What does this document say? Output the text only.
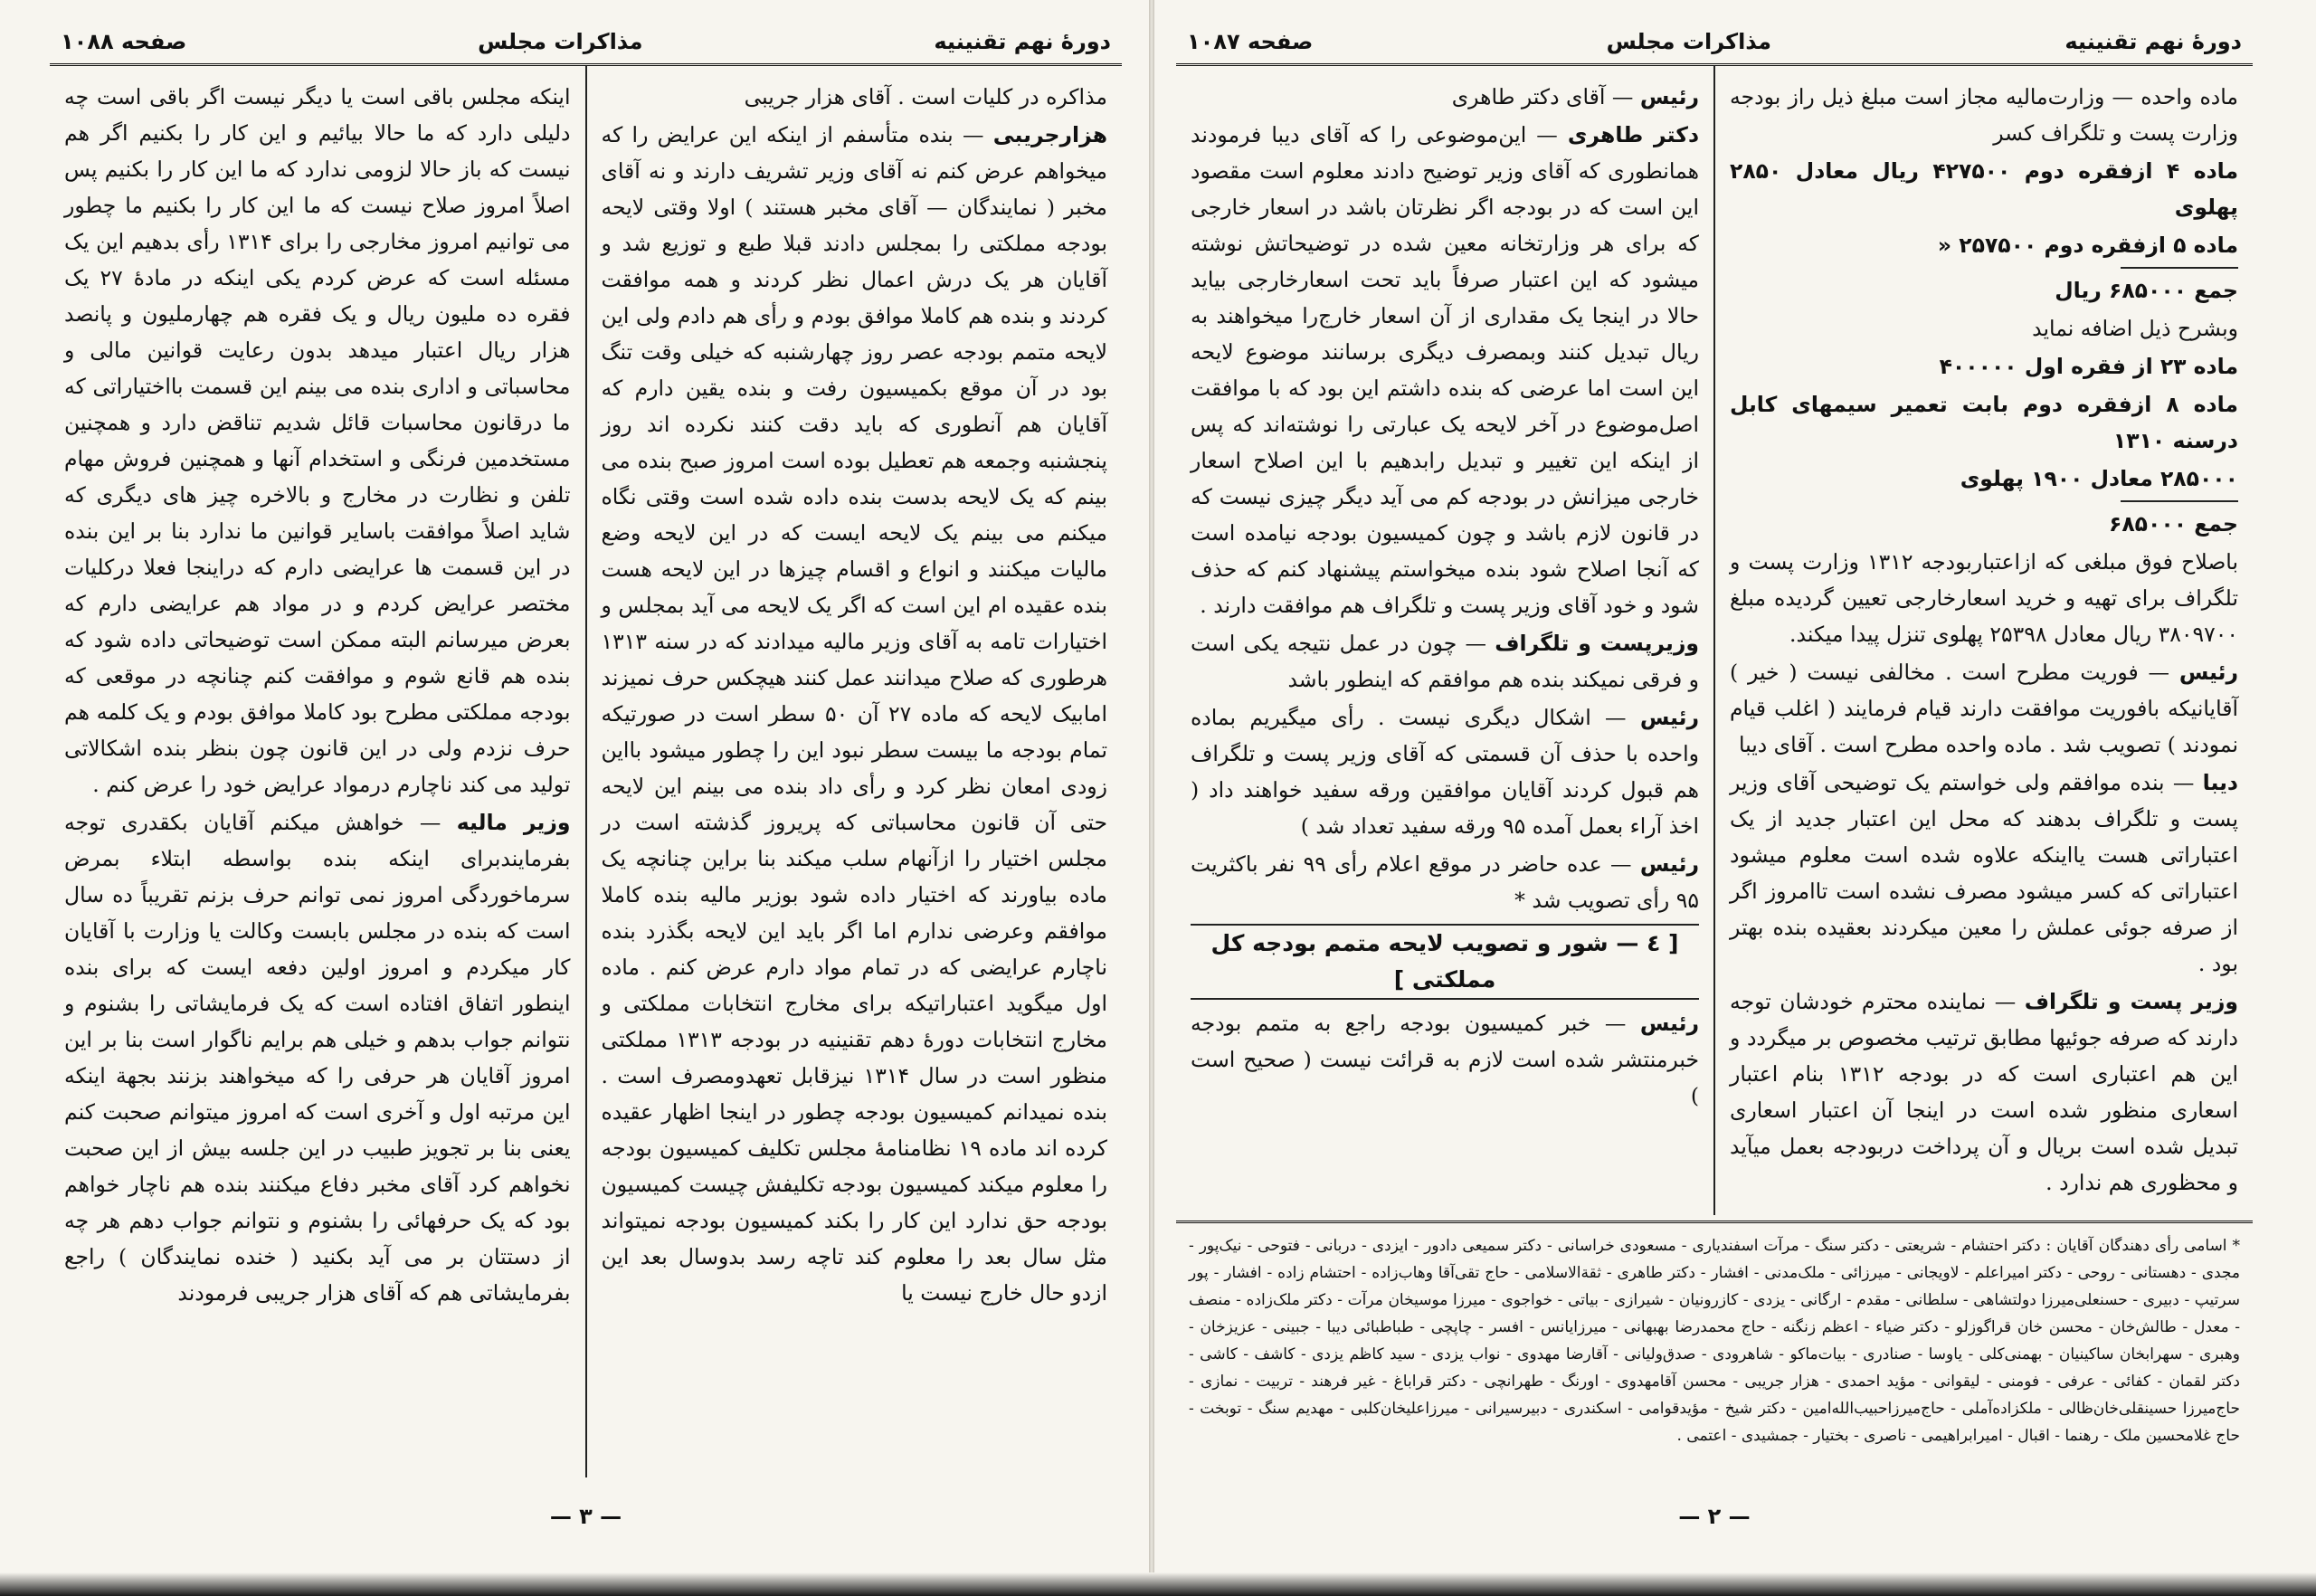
دورهٔ نهم تقنینیه
مذاکرات مجلس
صفحه ۱۰۸۸

مذاکره در کلیات است . آقای هزار جریبی

هزارجریبی — بنده متأسفم از اینکه این عرایض را که میخواهم عرض کنم نه آقای وزیر تشریف دارند و نه آقای مخبر ( نمایندگان — آقای مخبر هستند ) اولا وقتی لایحه بودجه مملکتی را بمجلس دادند قبلا طبع و توزیع شد و آقایان هر یک درش اعمال نظر کردند و همه موافقت کردند و بنده هم کاملا موافق بودم و رأی هم دادم ولی این لایحه متمم بودجه عصر روز چهارشنبه که خیلی وقت تنگ بود در آن موقع بکمیسیون رفت و بنده یقین دارم که آقایان هم آنطوری که باید دقت کنند نکرده اند روز پنجشنبه وجمعه هم تعطیل بوده است امروز صبح بنده می بینم که یک لایحه بدست بنده داده شده است وقتی نگاه میکنم می بینم یک لایحه ایست که در این لایحه وضع مالیات میکنند و انواع و اقسام چیزها در این لایحه هست بنده عقیده ام این است که اگر یک لایحه می آید بمجلس و اختیارات تامه به آقای وزیر مالیه میدادند که در سنه ۱۳۱۳ هرطوری که صلاح میدانند عمل کنند هیچکس حرف نمیزند امابیک لایحه که ماده ۲۷ آن ۵۰ سطر است در صورتیکه تمام بودجه ما بیست سطر نبود این را چطور میشود بااین زودی امعان نظر کرد و رأی داد بنده می بینم این لایحه حتی آن قانون محاسباتی که پریروز گذشته است در مجلس اختیار را ازآنهام سلب میکند بنا براین چنانچه یک ماده بیاورند که اختیار داده شود بوزیر مالیه بنده کاملا موافقم وعرضی ندارم اما اگر باید این لایحه بگذرد بنده ناچارم عرایضی که در تمام مواد دارم عرض کنم . ماده اول میگوید اعتباراتیکه برای مخارج انتخابات مملکتی و مخارج انتخابات دورهٔ دهم تقنینیه در بودجه ۱۳۱۳ مملکتی منظور است در سال ۱۳۱۴ نیزقابل تعهدومصرف است . بنده نمیدانم کمیسیون بودجه چطور در اینجا اظهار عقیده کرده اند ماده ۱۹ نظامنامهٔ مجلس تکلیف کمیسیون بودجه را معلوم میکند کمیسیون بودجه تکلیفش چیست کمیسیون بودجه حق ندارد این کار را بکند کمیسیون بودجه نمیتواند مثل سال بعد را معلوم کند تاچه رسد بدوسال بعد این ازدو حال خارج نیست یا

اینکه مجلس باقی است یا دیگر نیست اگر باقی است چه دلیلی دارد که ما حالا بیائیم و این کار را بکنیم اگر هم نیست که باز حالا لزومی ندارد که ما این کار را بکنیم پس اصلاً امروز صلاح نیست که ما این کار را بکنیم ما چطور می توانیم امروز مخارجی را برای ۱۳۱۴ رأی بدهیم این یک مسئله است که عرض کردم یکی اینکه در مادهٔ ۲۷ یک فقره ده ملیون ریال و یک فقره هم چهارملیون و پانصد هزار ریال اعتبار میدهد بدون رعایت قوانین مالی و محاسباتی و اداری بنده می بینم این قسمت بااختیاراتی که ما درقانون محاسبات قائل شدیم تناقض دارد و همچنین مستخدمین فرنگی و استخدام آنها و همچنین فروش مهام تلفن و نظارت در مخارج و بالاخره چیز های دیگری که شاید اصلاً موافقت باسایر قوانین ما ندارد بنا بر این بنده در این قسمت ها عرایضی دارم که دراینجا فعلا درکلیات مختصر عرایض کردم و در مواد هم عرایضی دارم که بعرض میرسانم البته ممکن است توضیحاتی داده شود که بنده هم قانع شوم و موافقت کنم چنانچه در موقعی که بودجه مملکتی مطرح بود کاملا موافق بودم و یک کلمه هم حرف نزدم ولی در این قانون چون بنظر بنده اشکالاتی تولید می کند ناچارم درمواد عرایض خود را عرض کنم .

وزیر مالیه — خواهش میکنم آقایان بکقدری توجه بفرمایندبرای اینکه بنده بواسطه ابتلاء بمرض سرماخوردگی امروز نمی توانم حرف بزنم تقریباً ده سال است که بنده در مجلس بابست وکالت یا وزارت با آقایان کار میکردم و امروز اولین دفعه ایست که برای بنده اینطور اتفاق افتاده است که یک فرمایشاتی را بشنوم و نتوانم جواب بدهم و خیلی هم برایم ناگوار است بنا بر این امروز آقایان هر حرفی را که میخواهند بزنند بجهة اینکه این مرتبه اول و آخری است که امروز میتوانم صحبت کنم یعنی بنا بر تجویز طبیب در این جلسه بیش از این صحبت نخواهم کرد آقای مخبر دفاع میکنند بنده هم ناچار خواهم بود که یک حرفهائی را بشنوم و نتوانم جواب دهم هر چه از دستتان بر می آید بکنید ( خنده نمایندگان ) راجع بفرمایشاتی هم که آقای هزار جریبی فرمودند

— ۳ —
دورهٔ نهم تقنینیه
مذاکرات مجلس
صفحه ۱۰۸۷

ماده واحده — وزارت‌مالیه مجاز است مبلغ ذیل راز بودجه وزارت پست و تلگراف کسر

ماده ۴ ازفقره دوم ۴۲۷۵۰۰ ریال معادل ۲۸۵۰ پهلوی

ماده ۵ ازفقره دوم ۲۵۷۵۰۰ «

جمع ۶۸۵۰۰۰ ریال

وبشرح ذیل اضافه نماید

ماده ۲۳ از فقره اول ۴۰۰۰۰۰

ماده ۸ ازفقره دوم بابت تعمیر سیمهای کابل درسنه ۱۳۱۰

۲۸۵۰۰۰ معادل ۱۹۰۰ پهلوی

جمع ۶۸۵۰۰۰

باصلاح فوق مبلغی که ازاعتباربودجه ۱۳۱۲ وزارت پست و تلگراف برای تهیه و خرید اسعارخارجی تعیین گردیده مبلغ ۳۸۰۹۷۰۰ ریال معادل ۲۵۳۹۸ پهلوی تنزل پیدا میکند.

رئیس — فوریت مطرح است . مخالفی نیست ( خیر ) آقایانیکه بافوریت موافقت دارند قیام فرمایند ( اغلب قیام نمودند ) تصویب شد . ماده واحده مطرح است . آقای دیبا

دیبا — بنده موافقم ولی خواستم یک توضیحی آقای وزیر پست و تلگراف بدهند که محل این اعتبار جدید از یک اعتباراتی هست یااینکه علاوه شده است معلوم میشود اعتباراتی که کسر میشود مصرف نشده است تاامروز اگر از صرفه جوئی عملش را معین میکردند بعقیده بنده بهتر بود .

وزیر پست و تلگراف — نماینده محترم خودشان توجه دارند که صرفه جوئیها مطابق ترتیب مخصوص بر میگردد و این هم اعتباری است که در بودجه ۱۳۱۲ بنام اعتبار اسعاری منظور شده است در اینجا آن اعتبار اسعاری تبدیل شده است بریال و آن پرداخت دربودجه بعمل میآید و محظوری هم ندارد .

رئیس — آقای دکتر طاهری

دکتر طاهری — این‌موضوعی را که آقای دیبا فرمودند همانطوری که آقای وزیر توضیح دادند معلوم است مقصود این است که در بودجه اگر نظرتان باشد در اسعار خارجی که برای هر وزارتخانه معین شده در توضیحاتش نوشته میشود که این اعتبار صرفاً باید تحت اسعارخارجی بیاید حالا در اینجا یک مقداری از آن اسعار خارج‌را میخواهند به ریال تبدیل کنند وبمصرف دیگری برسانند موضوع لایحه این است اما عرضی که بنده داشتم این بود که با موافقت اصل‌موضوع در آخر لایحه یک عبارتی را نوشته‌اند که پس از اینکه این تغییر و تبدیل رابدهیم با این اصلاح اسعار خارجی میزانش در بودجه کم می آید دیگر چیزی نیست که در قانون لازم باشد و چون کمیسیون بودجه نیامده است که آنجا اصلاح شود بنده میخواستم پیشنهاد کنم که حذف شود و خود آقای وزیر پست و تلگراف هم موافقت دارند .

وزیرپست و تلگراف — چون در عمل نتیجه یکی است و فرقی نمیکند بنده هم موافقم که اینطور باشد

رئیس — اشکال دیگری نیست . رأی میگیریم بماده واحده با حذف آن قسمتی که آقای وزیر پست و تلگراف هم قبول کردند آقایان موافقین ورقه سفید خواهند داد ( اخذ آراء بعمل آمده ۹۵ ورقه سفید تعداد شد )

رئیس — عده حاضر در موقع اعلام رأی ۹۹ نفر باکثریت ۹۵ رأی تصویب شد *

[ ٤ — شور و تصویب لایحه متمم بودجه کل مملکتی ]

رئیس — خبر کمیسیون بودجه راجع به متمم بودجه خبرمنتشر شده است لازم به قرائت نیست ( صحیح است )

* اسامی رأی دهندگان آقایان : دکتر احتشام - شریعتی - دکتر سنگ - مرآت اسفندیاری - مسعودی خراسانی - دکتر سمیعی دادور - ایزدی - دربانی - فتوحی - نیک‌پور - مجدی - دهستانی - روحی - دکتر امیراعلم - لاویجانی - میرزائی - ملک‌مدنی - افشار - دکتر طاهری - ثقةالاسلامی - حاج تقی‌آقا وهاب‌زاده - احتشام زاده - افشار - پور سرتیپ - دبیری - حسنعلی‌میرزا دولتشاهی - سلطانی - مقدم - ارگانی - یزدی - کازرونیان - شیرازی - بیاتی - خواجوی - میرزا موسیخان مرآت - دکتر ملک‌زاده - منصف - معدل - طالش‌خان - محسن خان قراگوزلو - دکتر ضیاء - اعظم زنگنه - حاج محمدرضا بهبهانی - میرزایانس - افسر - چاپچی - طباطبائی دیبا - جبینی - عزیزخان - وهبری - سهرابخان ساکینیان - بهمنی‌کلی - یاوسا - صنادری - بیات‌ماکو - شاهرودی - صدق‌ولیانی - آقارضا مهدوی - نواب یزدی - سید کاظم یزدی - کاشف - کاشی - دکتر لقمان - کفائی - عرفی - فومنی - لیقوانی - مؤید احمدی - هزار جریبی - محسن آقامهدوی - اورنگ - طهرانچی - دکتر قراباغ - غیر فرهند - تربیت - نمازی - حاج‌میرزا حسینقلی‌خان‌ظالی - ملکزاده‌آملی - حاج‌میرزاحبیب‌الله‌امین - دکتر شیخ - مؤیدقوامی - اسکندری - دبیرسیرانی - میرزاعلیخان‌کلبی - مهدیم سنگ - توبخت - حاج غلامحسین ملک - رهنما - اقبال - امیرابراهیمی - ناصری - بختیار - جمشیدی - اعتمی .
— ۲ —
